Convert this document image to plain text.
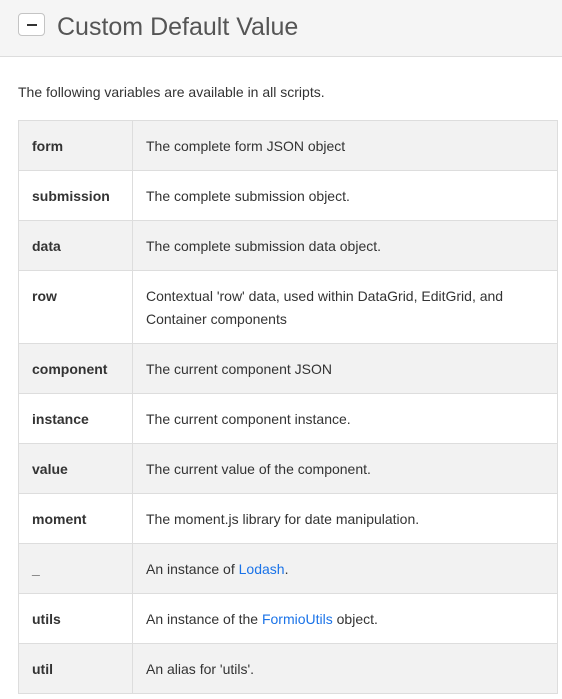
Custom Default Value

The following variables are available in all scripts.

form	The complete form JSON object
submission	The complete submission object.
data	The complete submission data object.
row	Contextual 'row' data, used within DataGrid, EditGrid, and Container components
component	The current component JSON
instance	The current component instance.
value	The current value of the component.
moment	The moment.js library for date manipulation.
_	An instance of Lodash.
utils	An instance of the FormioUtils object.
util	An alias for 'utils'.
